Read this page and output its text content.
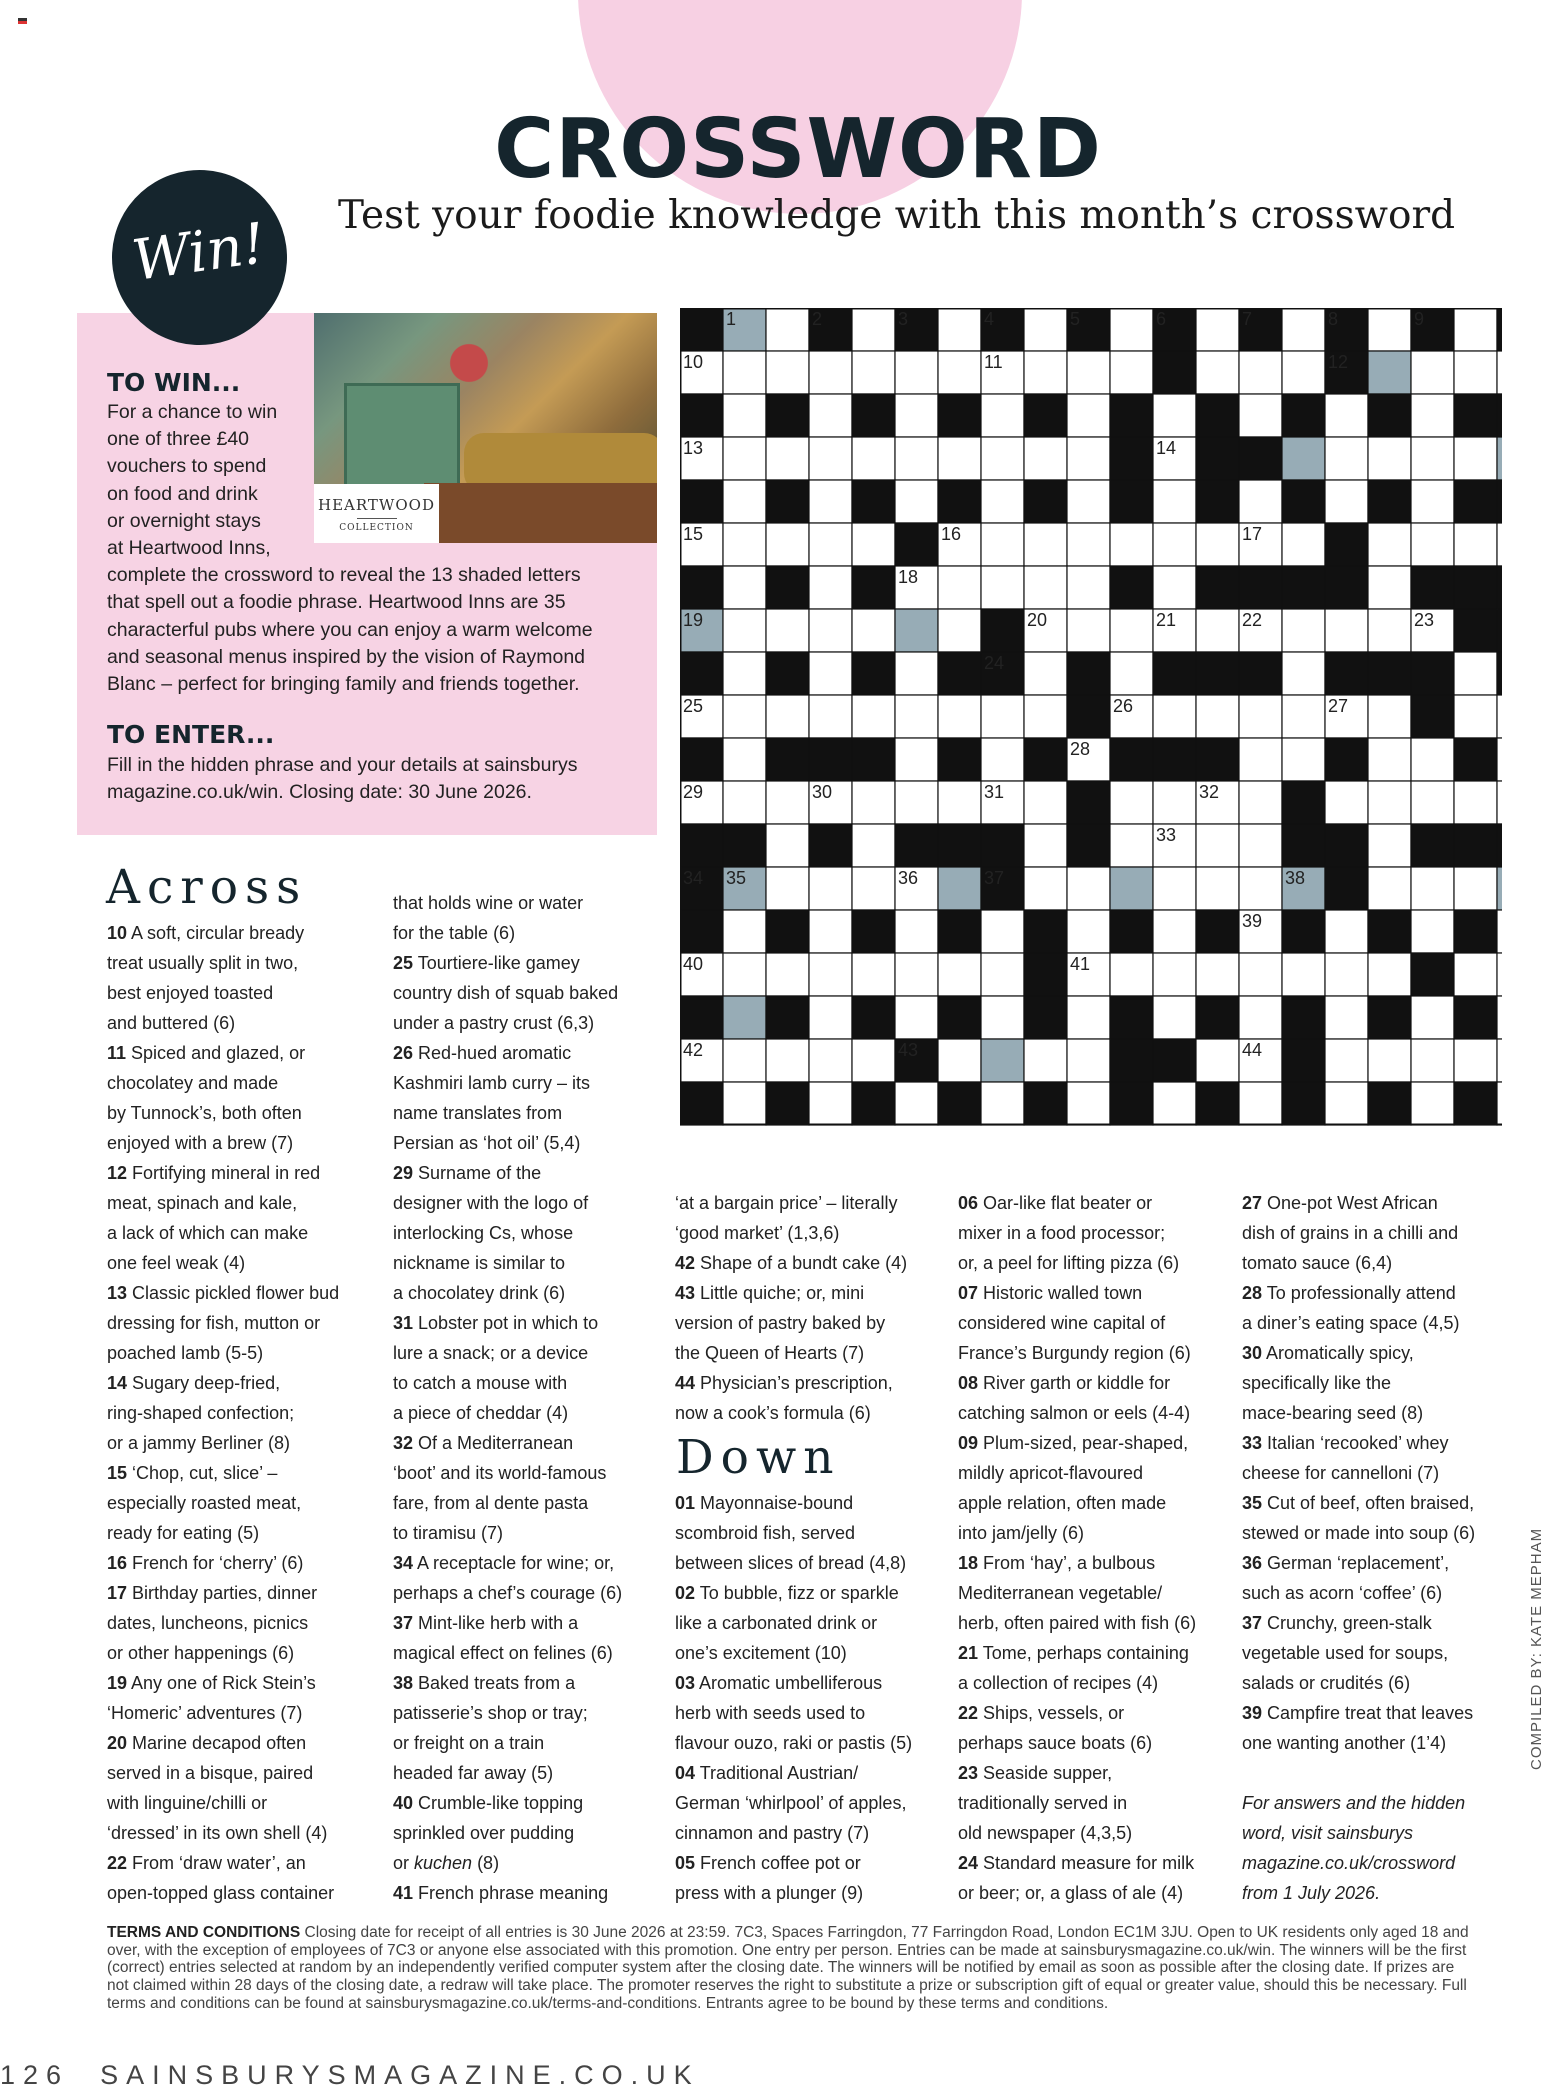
CROSSWORD
Test your foodie knowledge with this month’s crossword
HEARTWOOD
COLLECTION
Win!
TO WIN...
For a chance to win
one of three £40
vouchers to spend
on food and drink
or overnight stays
at Heartwood Inns,
complete the crossword to reveal the 13 shaded letters
that spell out a foodie phrase. Heartwood Inns are 35
characterful pubs where you can enjoy a warm welcome
and seasonal menus inspired by the vision of Raymond
Blanc – perfect for bringing family and friends together.
TO ENTER...
Fill in the hidden phrase and your details at sainsburys
magazine.co.uk/win. Closing date: 30 June 2026.
Across
Down
10 A soft, circular bready
treat usually split in two,
best enjoyed toasted
and buttered (6)
11 Spiced and glazed, or
chocolatey and made
by Tunnock’s, both often
enjoyed with a brew (7)
12 Fortifying mineral in red
meat, spinach and kale,
a lack of which can make
one feel weak (4)
13 Classic pickled flower bud
dressing for fish, mutton or
poached lamb (5-5)
14 Sugary deep-fried,
ring-shaped confection;
or a jammy Berliner (8)
15 ‘Chop, cut, slice’ –
especially roasted meat,
ready for eating (5)
16 French for ‘cherry’ (6)
17 Birthday parties, dinner
dates, luncheons, picnics
or other happenings (6)
19 Any one of Rick Stein’s
‘Homeric’ adventures (7)
20 Marine decapod often
served in a bisque, paired
with linguine/chilli or
‘dressed’ in its own shell (4)
22 From ‘draw water’, an
open-topped glass container
that holds wine or water
for the table (6)
25 Tourtiere-like gamey
country dish of squab baked
under a pastry crust (6,3)
26 Red-hued aromatic
Kashmiri lamb curry – its
name translates from
Persian as ‘hot oil’ (5,4)
29 Surname of the
designer with the logo of
interlocking Cs, whose
nickname is similar to
a chocolatey drink (6)
31 Lobster pot in which to
lure a snack; or a device
to catch a mouse with
a piece of cheddar (4)
32 Of a Mediterranean
‘boot’ and its world-famous
fare, from al dente pasta
to tiramisu (7)
34 A receptacle for wine; or,
perhaps a chef’s courage (6)
37 Mint-like herb with a
magical effect on felines (6)
38 Baked treats from a
patisserie’s shop or tray;
or freight on a train
headed far away (5)
40 Crumble-like topping
sprinkled over pudding
or kuchen (8)
41 French phrase meaning
‘at a bargain price’ – literally
‘good market’ (1,3,6)
42 Shape of a bundt cake (4)
43 Little quiche; or, mini
version of pastry baked by
the Queen of Hearts (7)
44 Physician’s prescription,
now a cook’s formula (6)
01 Mayonnaise-bound
scombroid fish, served
between slices of bread (4,8)
02 To bubble, fizz or sparkle
like a carbonated drink or
one’s excitement (10)
03 Aromatic umbelliferous
herb with seeds used to
flavour ouzo, raki or pastis (5)
04 Traditional Austrian/
German ‘whirlpool’ of apples,
cinnamon and pastry (7)
05 French coffee pot or
press with a plunger (9)
06 Oar-like flat beater or
mixer in a food processor;
or, a peel for lifting pizza (6)
07 Historic walled town
considered wine capital of
France’s Burgundy region (6)
08 River garth or kiddle for
catching salmon or eels (4-4)
09 Plum-sized, pear-shaped,
mildly apricot-flavoured
apple relation, often made
into jam/jelly (6)
18 From ‘hay’, a bulbous
Mediterranean vegetable/
herb, often paired with fish (6)
21 Tome, perhaps containing
a collection of recipes (4)
22 Ships, vessels, or
perhaps sauce boats (6)
23 Seaside supper,
traditionally served in
old newspaper (4,3,5)
24 Standard measure for milk
or beer; or, a glass of ale (4)
27 One-pot West African
dish of grains in a chilli and
tomato sauce (6,4)
28 To professionally attend
a diner’s eating space (4,5)
30 Aromatically spicy,
specifically like the
mace-bearing seed (8)
33 Italian ‘recooked’ whey
cheese for cannelloni (7)
35 Cut of beef, often braised,
stewed or made into soup (6)
36 German ‘replacement’,
such as acorn ‘coffee’ (6)
37 Crunchy, green-stalk
vegetable used for soups,
salads or crudités (6)
39 Campfire treat that leaves
one wanting another (1’4)
For answers and the hidden
word, visit sainsburys
magazine.co.uk/crossword
from 1 July 2026.
1	2	3	4	5	6	7	8	9
10	11	12
13	14
15	16	17
18
19	20	21	22	23
24
25	26	27
28
29	30	31	32
33
34 35	36	37	38
39
40	41
42	43	44
TERMS AND CONDITIONS Closing date for receipt of all entries is 30 June 2026 at 23:59. 7C3, Spaces Farringdon, 77 Farringdon Road, London EC1M 3JU. Open to UK residents only aged 18 and over, with the exception of employees of 7C3 or anyone else associated with this promotion. One entry per person. Entries can be made at sainsburysmagazine.co.uk/win. The winners will be the first (correct) entries selected at random by an independently verified computer system after the closing date. The winners will be notified by email as soon as possible after the closing date. If prizes are not claimed within 28 days of the closing date, a redraw will take place. The promoter reserves the right to substitute a prize or subscription gift of equal or greater value, should this be necessary. Full terms and conditions can be found at sainsburysmagazine.co.uk/terms-and-conditions. Entrants agree to be bound by these terms and conditions.
126 SAINSBURYSMAGAZINE.CO.UK
COMPILED BY: KATE MEPHAM
